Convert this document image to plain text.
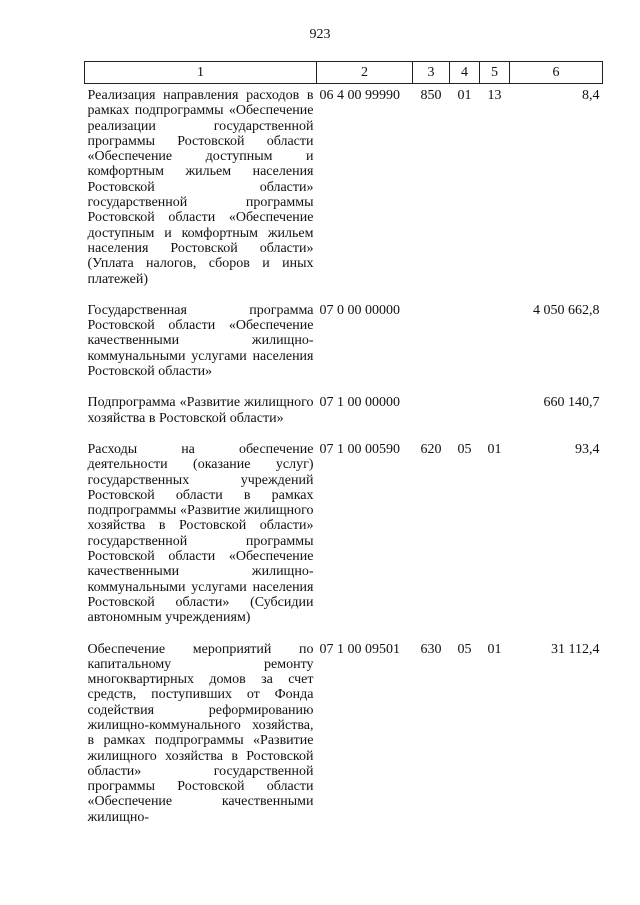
923
1	2	3	4	5	6
Реализация направления расходов в рамках подпрограммы «Обеспечение реализации государственной программы Ростовской области «Обеспечение доступным и комфортным жильем населения Ростовской области» государственной программы Ростовской области «Обеспечение доступным и комфортным жильем населения Ростовской области» (Уплата налогов, сборов и иных платежей)	06 4 00 99990	850	01	13	8,4
Государственная программа Ростовской области «Обеспечение качественными жилищно-коммунальными услугами населения Ростовской области»	07 0 00 00000				4 050 662,8
Подпрограмма «Развитие жилищного хозяйства в Ростовской области»	07 1 00 00000				660 140,7
Расходы на обеспечение деятельности (оказание услуг) государственных учреждений Ростовской области в рамках подпрограммы «Развитие жилищного хозяйства в Ростовской области» государственной программы Ростовской области «Обеспечение качественными жилищно-коммунальными услугами населения Ростовской области» (Субсидии автономным учреждениям)	07 1 00 00590	620	05	01	93,4
Обеспечение мероприятий по капитальному ремонту многоквартирных домов за счет средств, поступивших от Фонда содействия реформированию жилищно-коммунального хозяйства, в рамках подпрограммы «Развитие жилищного хозяйства в Ростовской области» государственной программы Ростовской области «Обеспечение качественными жилищно-	07 1 00 09501	630	05	01	31 112,4
